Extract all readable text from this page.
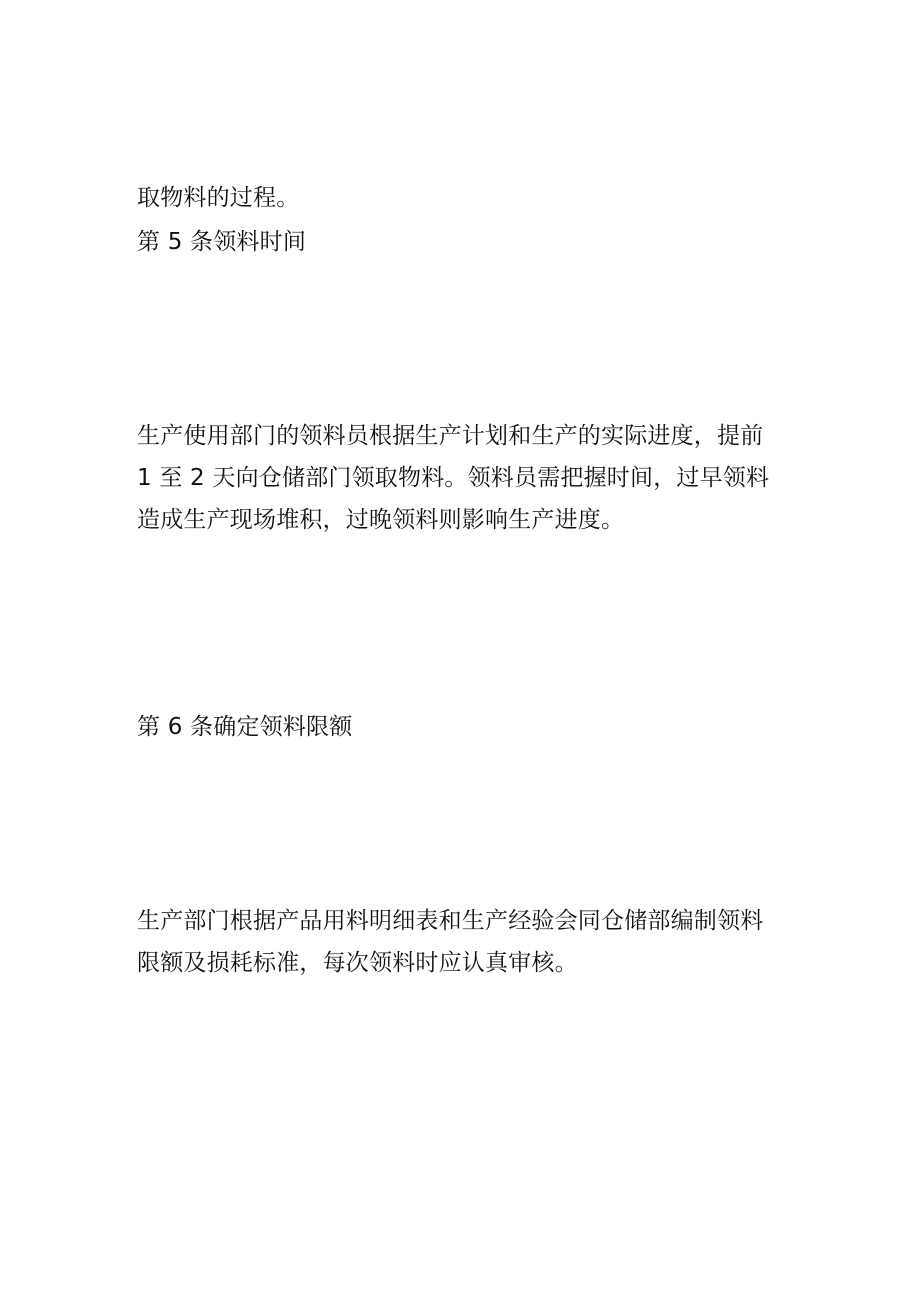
取物料的过程。

第 5 条领料时间

生产使用部门的领料员根据生产计划和生产的实际进度，提前
1 至 2 天向仓储部门领取物料。领料员需把握时间，过早领料
造成生产现场堆积，过晚领料则影响生产进度。

第 6 条确定领料限额

生产部门根据产品用料明细表和生产经验会同仓储部编制领料
限额及损耗标准，每次领料时应认真审核。
